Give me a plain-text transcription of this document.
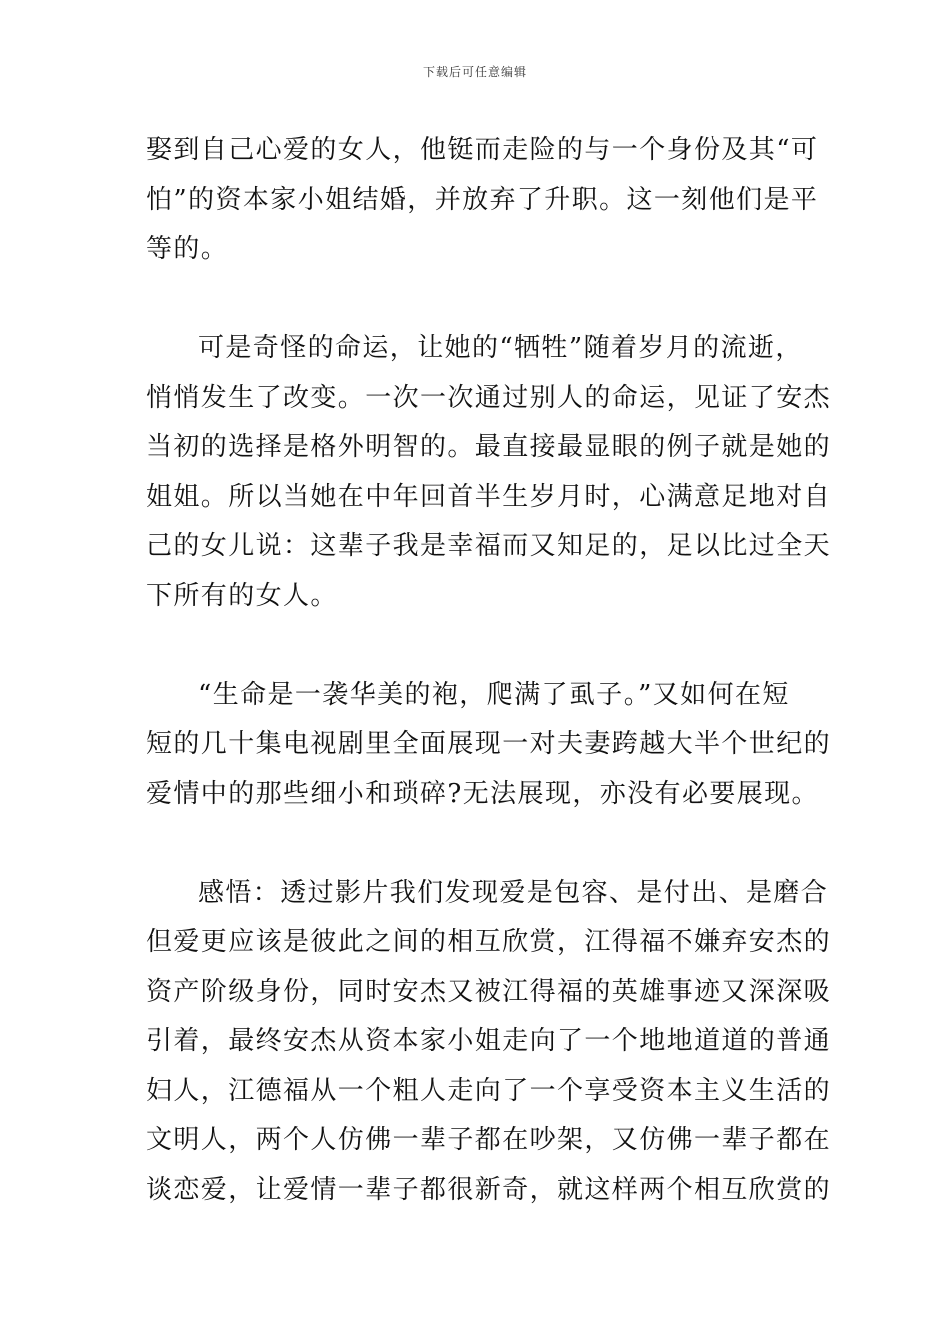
下载后可任意编辑
娶到自己心爱的女人，他铤而走险的与一个身份及其“可
怕”的资本家小姐结婚，并放弃了升职。这一刻他们是平
等的。
可是奇怪的命运，让她的“牺牲”随着岁月的流逝，
悄悄发生了改变。一次一次通过别人的命运，见证了安杰
当初的选择是格外明智的。最直接最显眼的例子就是她的
姐姐。所以当她在中年回首半生岁月时，心满意足地对自
己的女儿说：这辈子我是幸福而又知足的，足以比过全天
下所有的女人。
“生命是一袭华美的袍，爬满了虱子。”又如何在短
短的几十集电视剧里全面展现一对夫妻跨越大半个世纪的
爱情中的那些细小和琐碎?无法展现，亦没有必要展现。
感悟：透过影片我们发现爱是包容、是付出、是磨合
但爱更应该是彼此之间的相互欣赏，江得福不嫌弃安杰的
资产阶级身份，同时安杰又被江得福的英雄事迹又深深吸
引着，最终安杰从资本家小姐走向了一个地地道道的普通
妇人，江德福从一个粗人走向了一个享受资本主义生活的
文明人，两个人仿佛一辈子都在吵架，又仿佛一辈子都在
谈恋爱，让爱情一辈子都很新奇，就这样两个相互欣赏的
